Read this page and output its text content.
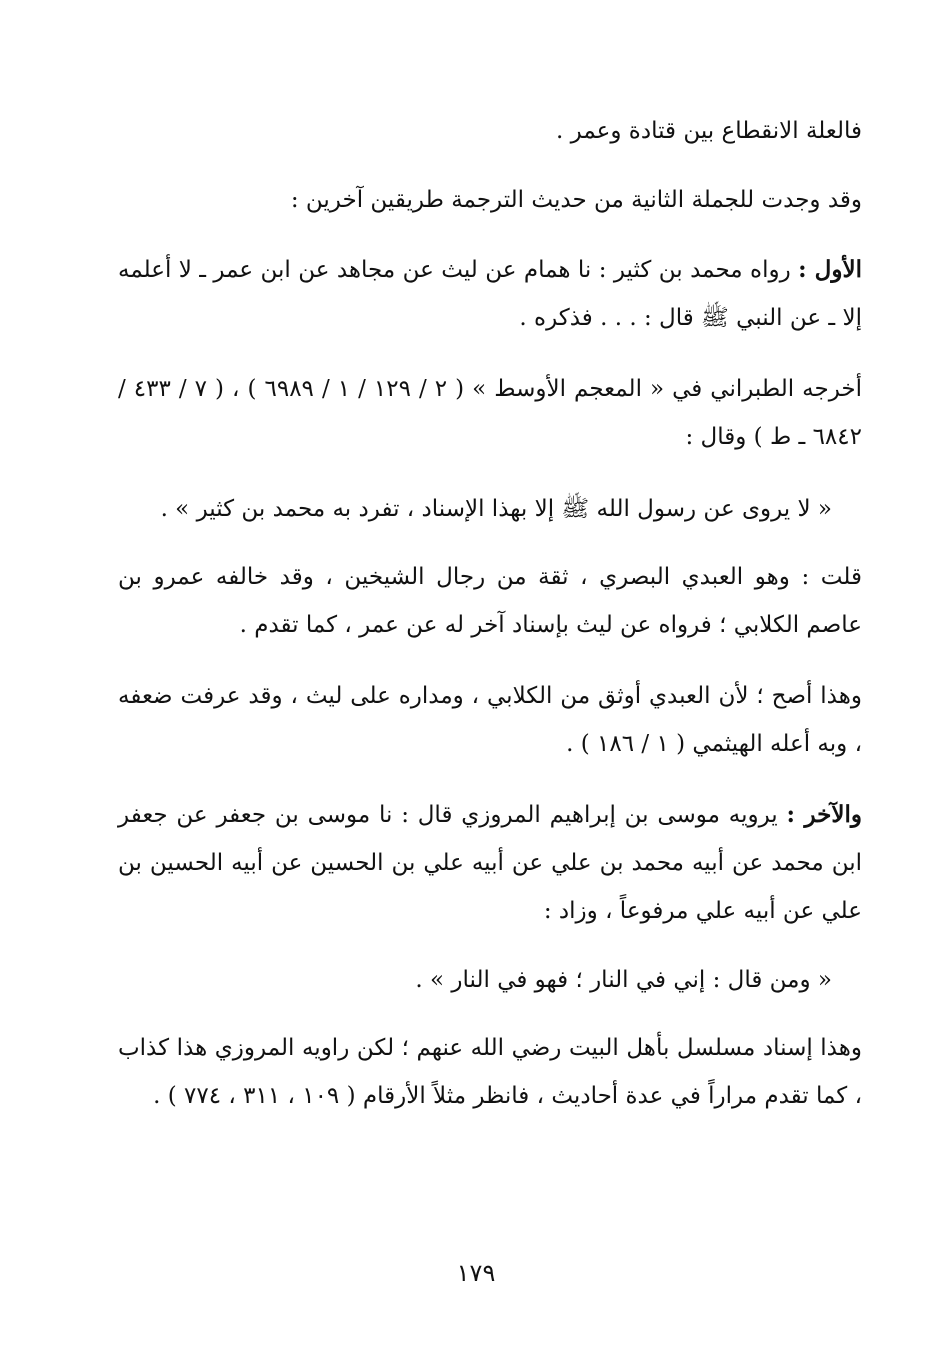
فالعلة الانقطاع بين قتادة وعمر .
وقد وجدت للجملة الثانية من حديث الترجمة طريقين آخرين :
الأول : رواه محمد بن كثير : نا همام عن ليث عن مجاهد عن ابن عمر ـ لا أعلمه إلا ـ عن النبي ﷺ قال : . . . فذكره .
أخرجه الطبراني في « المعجم الأوسط » ( ٢ / ١٢٩ / ١ / ٦٩٨٩ ) ، ( ٧ / ٤٣٣ / ٦٨٤٢ ـ ط ) وقال :
« لا يروى عن رسول الله ﷺ إلا بهذا الإسناد ، تفرد به محمد بن كثير » .
قلت : وهو العبدي البصري ، ثقة من رجال الشيخين ، وقد خالفه عمرو بن عاصم الكلابي ؛ فرواه عن ليث بإسناد آخر له عن عمر ، كما تقدم .
وهذا أصح ؛ لأن العبدي أوثق من الكلابي ، ومداره على ليث ، وقد عرفت ضعفه ، وبه أعله الهيثمي ( ١ / ١٨٦ ) .
والآخر : يرويه موسى بن إبراهيم المروزي قال : نا موسى بن جعفر عن جعفر ابن محمد عن أبيه محمد بن علي عن أبيه علي بن الحسين عن أبيه الحسين بن علي عن أبيه علي مرفوعاً ، وزاد :
« ومن قال : إني في النار ؛ فهو في النار » .
وهذا إسناد مسلسل بأهل البيت رضي الله عنهم ؛ لكن راويه المروزي هذا كذاب ، كما تقدم مراراً في عدة أحاديث ، فانظر مثلاً الأرقام ( ١٠٩ ، ٣١١ ، ٧٧٤ ) .
١٧٩
